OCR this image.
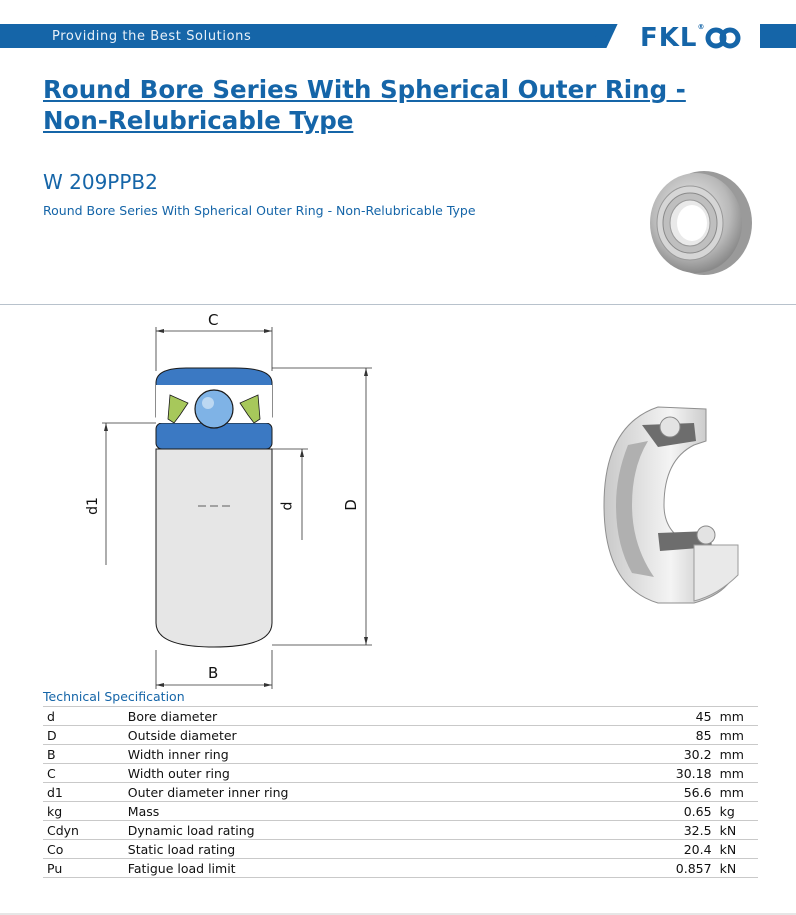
Providing the Best Solutions	FKL®
Round Bore Series With Spherical Outer Ring - Non-Relubricable Type
W 209PPB2
Round Bore Series With Spherical Outer Ring - Non-Relubricable Type
C
B
d1	d	D
Technical Specification
d	Bore diameter	45	mm
D	Outside diameter	85	mm
B	Width inner ring	30.2	mm
C	Width outer ring	30.18	mm
d1	Outer diameter inner ring	56.6	mm
kg	Mass	0.65	kg
Cdyn	Dynamic load rating	32.5	kN
Co	Static load rating	20.4	kN
Pu	Fatigue load limit	0.857	kN
